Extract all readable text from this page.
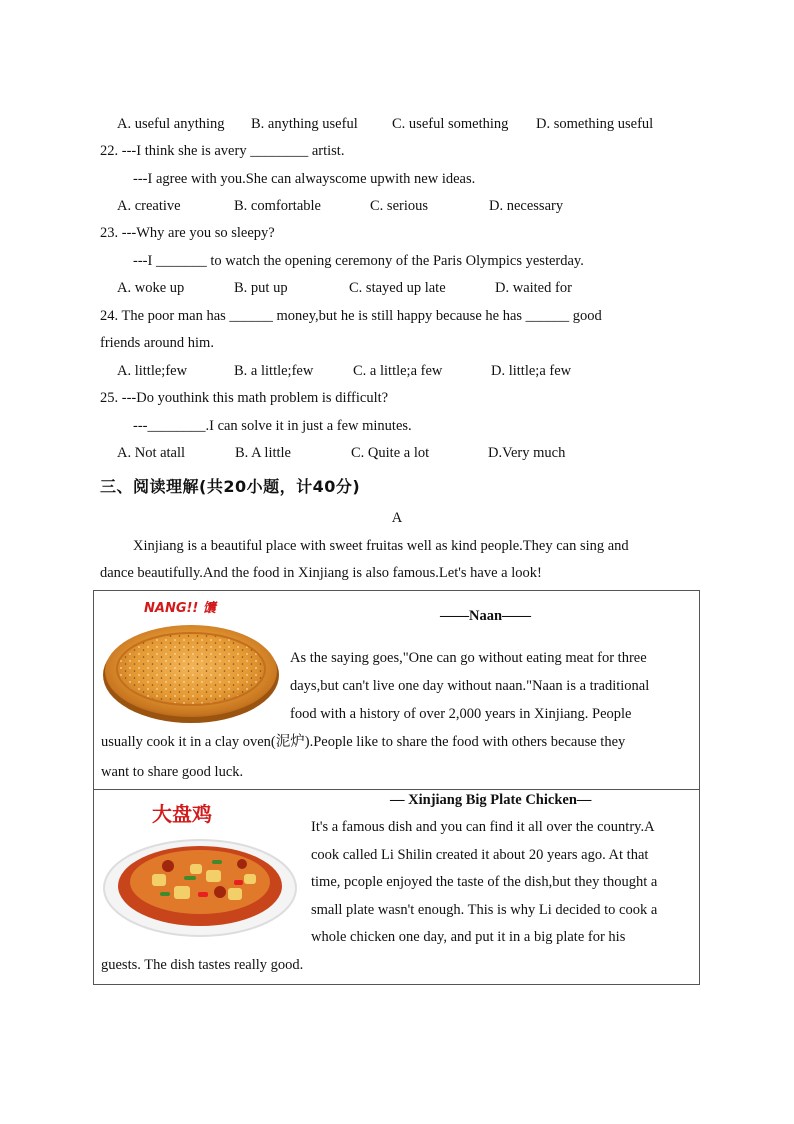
A. useful anything B. anything useful C. useful something D. something useful
22. ---I think she is avery ________ artist.
---I agree with you.She can alwayscome upwith new ideas.
A. creative	B. comfortable	C. serious	D. necessary
23. ---Why are you so sleepy?
---I _______ to watch the opening ceremony of the Paris Olympics yesterday.
A. woke up	B. put up	C. stayed up late	D. waited for
24. The poor man has ______ money,but he is still happy because he has ______ good
friends around him.
A. little;few	B. a little;few	C. a little;a few	D. little;a few
25. ---Do youthink this math problem is difficult?
---________.I can solve it in just a few minutes.
A. Not atall	B. A little	C. Quite a lot	D.Very much
三、阅读理解(共20小题，计40分)
A
Xinjiang is a beautiful place with sweet fruitas well as kind people.They can sing and
dance beautifully.And the food in Xinjiang is also famous.Let's have a look!
NANG!! 馕	——Naan——
As the saying goes,"One can go without eating meat for three
days,but can't live one day without naan."Naan is a traditional
food with a history of over 2,000 years in Xinjiang. People
usually cook it in a clay oven(泥炉).People like to share the food with others because they
want to share good luck.

大盘鸡
— Xinjiang Big Plate Chicken—
It's a famous dish and you can find it all over the country.A
cook called Li Shilin created it about 20 years ago. At that
time, pcople enjoyed the taste of the dish,but they thought a
small plate wasn't enough. This is why Li decided to cook a
whole chicken one day, and put it in a big plate for his
guests. The dish tastes really good.
